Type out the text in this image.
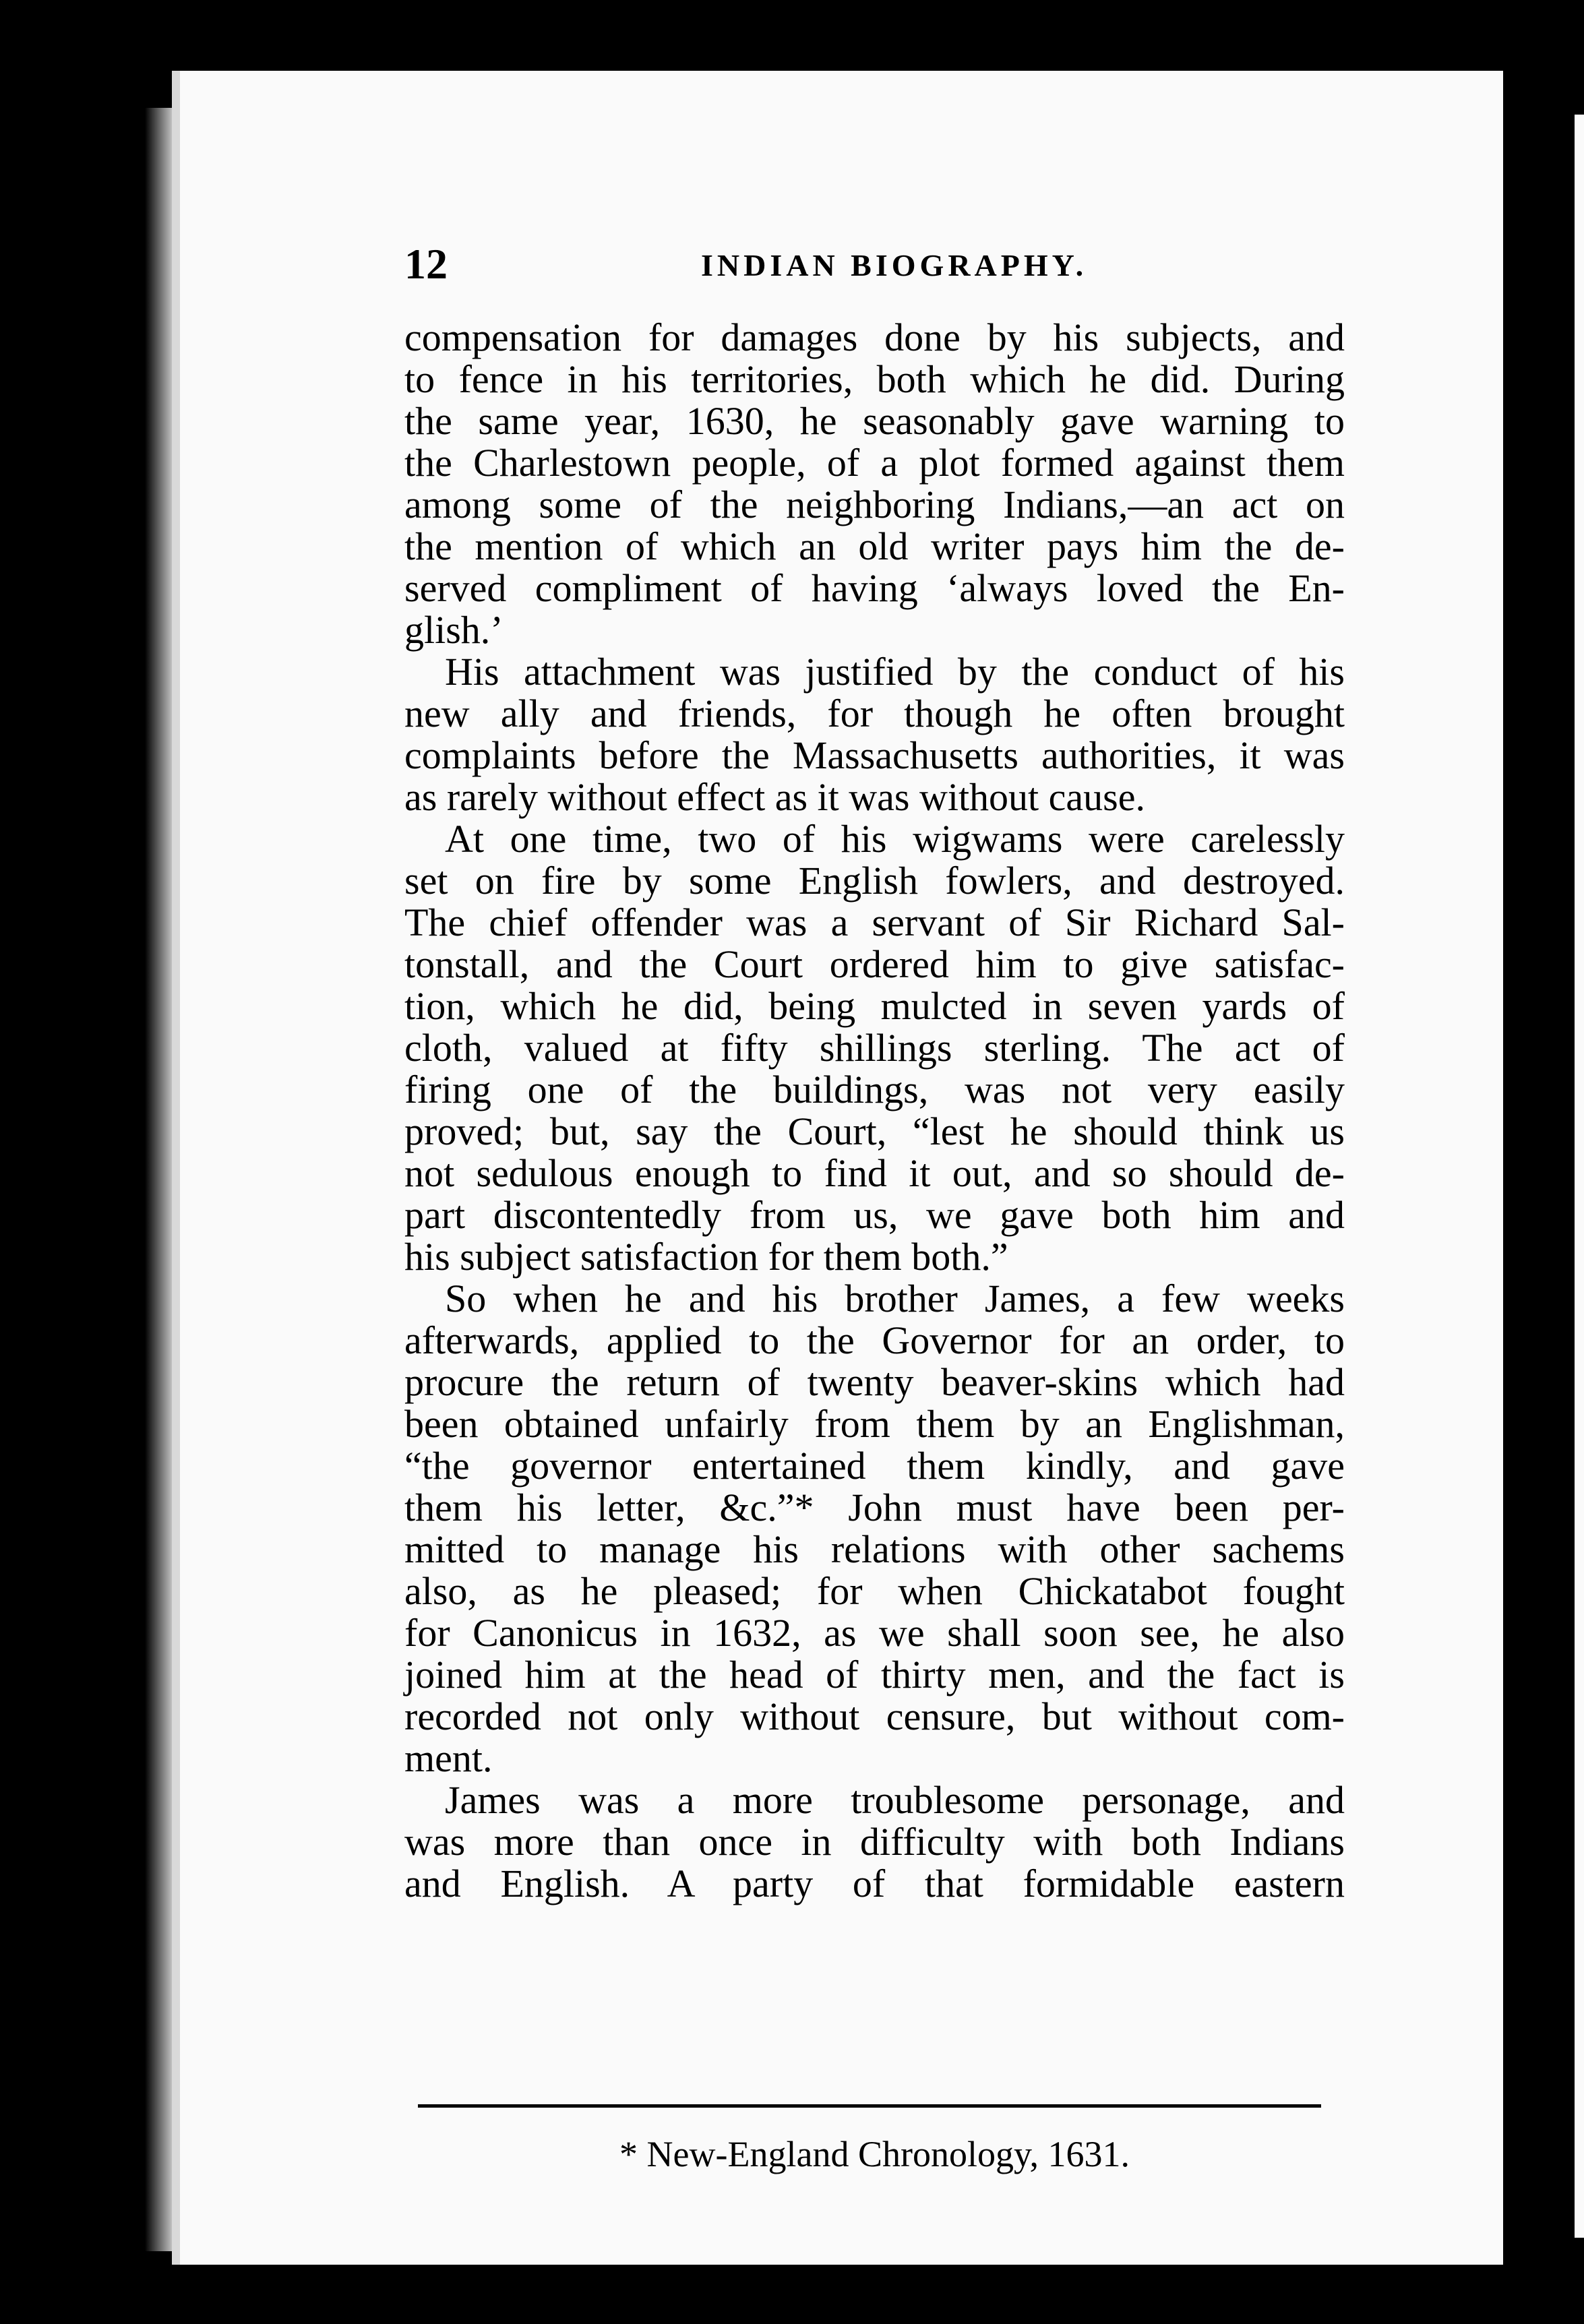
12	INDIAN BIOGRAPHY.
compensation for damages done by his subjects, and
to fence in his territories, both which he did. During
the same year, 1630, he seasonably gave warning to
the Charlestown people, of a plot formed against them
among some of the neighboring Indians,—an act on
the mention of which an old writer pays him the de-
served compliment of having ‘always loved the En-
glish.’
His attachment was justified by the conduct of his
new ally and friends, for though he often brought
complaints before the Massachusetts authorities, it was
as rarely without effect as it was without cause.
At one time, two of his wigwams were carelessly
set on fire by some English fowlers, and destroyed.
The chief offender was a servant of Sir Richard Sal-
tonstall, and the Court ordered him to give satisfac-
tion, which he did, being mulcted in seven yards of
cloth, valued at fifty shillings sterling. The act of
firing one of the buildings, was not very easily
proved; but, say the Court, “lest he should think us
not sedulous enough to find it out, and so should de-
part discontentedly from us, we gave both him and
his subject satisfaction for them both.”
So when he and his brother James, a few weeks
afterwards, applied to the Governor for an order, to
procure the return of twenty beaver-skins which had
been obtained unfairly from them by an Englishman,
“the governor entertained them kindly, and gave
them his letter, &c.”* John must have been per-
mitted to manage his relations with other sachems
also, as he pleased; for when Chickatabot fought
for Canonicus in 1632, as we shall soon see, he also
joined him at the head of thirty men, and the fact is
recorded not only without censure, but without com-
ment.
James was a more troublesome personage, and
was more than once in difficulty with both Indians
and English. A party of that formidable eastern
* New-England Chronology, 1631.
